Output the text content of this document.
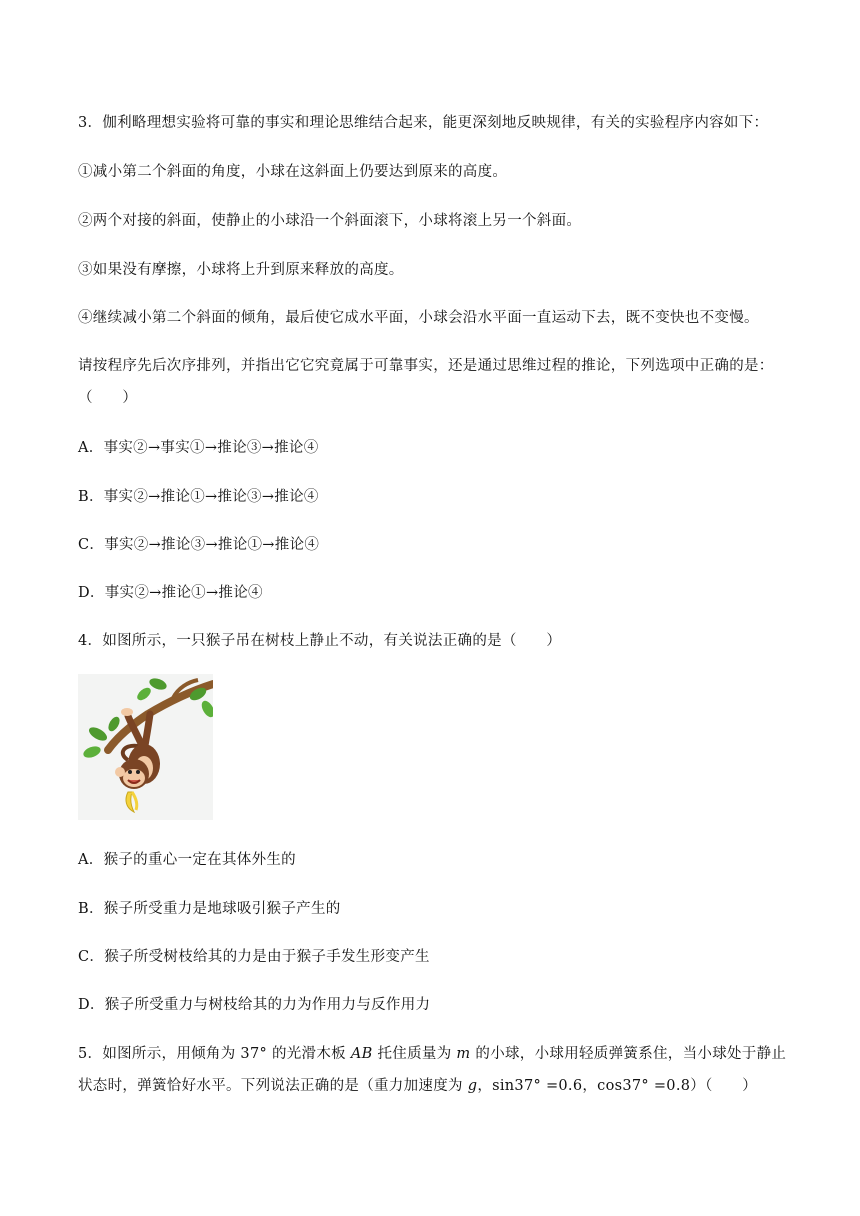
3．伽利略理想实验将可靠的事实和理论思维结合起来，能更深刻地反映规律，有关的实验程序内容如下：
①减小第二个斜面的角度，小球在这斜面上仍要达到原来的高度。
②两个对接的斜面，使静止的小球沿一个斜面滚下，小球将滚上另一个斜面。
③如果没有摩擦，小球将上升到原来释放的高度。
④继续减小第二个斜面的倾角，最后使它成水平面，小球会沿水平面一直运动下去，既不变快也不变慢。
请按程序先后次序排列，并指出它它究竟属于可靠事实，还是通过思维过程的推论，下列选项中正确的是：
（　　）
A．事实②→事实①→推论③→推论④
B．事实②→推论①→推论③→推论④
C．事实②→推论③→推论①→推论④
D．事实②→推论①→推论④
4．如图所示，一只猴子吊在树枝上静止不动，有关说法正确的是（　　）
A．猴子的重心一定在其体外生的
B．猴子所受重力是地球吸引猴子产生的
C．猴子所受树枝给其的力是由于猴子手发生形变产生
D．猴子所受重力与树枝给其的力为作用力与反作用力
5．如图所示，用倾角为 37° 的光滑木板 AB 托住质量为 m 的小球，小球用轻质弹簧系住，当小球处于静止
状态时，弹簧恰好水平。下列说法正确的是（重力加速度为 g，sin37° =0.6，cos37° =0.8）（　　）
